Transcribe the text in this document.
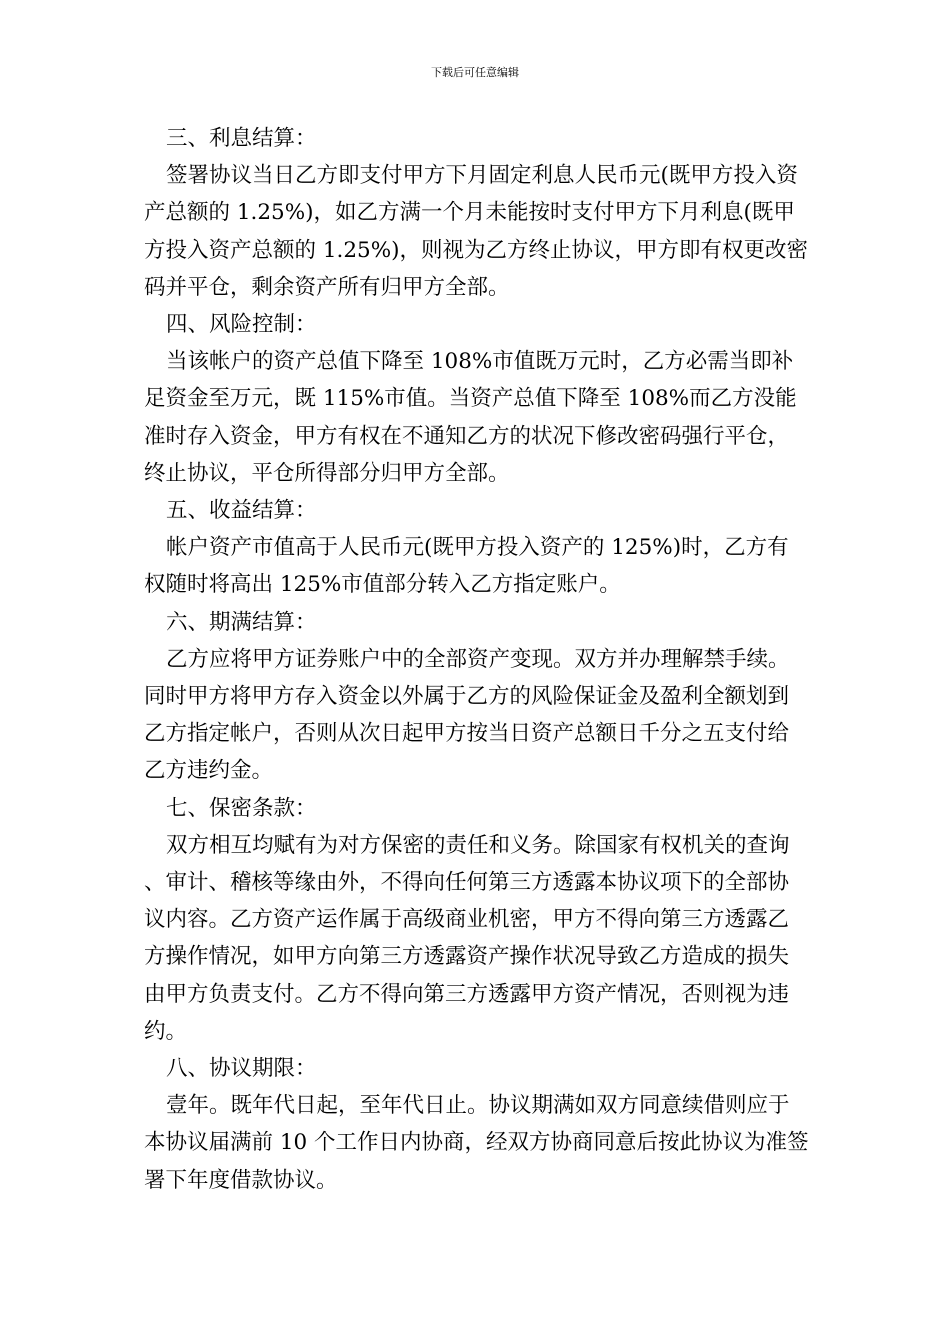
下载后可任意编辑

三、利息结算：

签署协议当日乙方即支付甲方下月固定利息人民币元(既甲方投入资产总额的 1.25%)，如乙方满一个月未能按时支付甲方下月利息(既甲方投入资产总额的 1.25%)，则视为乙方终止协议，甲方即有权更改密码并平仓，剩余资产所有归甲方全部。

四、风险控制：

当该帐户的资产总值下降至 108%市值既万元时，乙方必需当即补足资金至万元，既 115%市值。当资产总值下降至 108%而乙方没能准时存入资金，甲方有权在不通知乙方的状况下修改密码强行平仓，终止协议，平仓所得部分归甲方全部。

五、收益结算：

帐户资产市值高于人民币元(既甲方投入资产的 125%)时，乙方有权随时将高出 125%市值部分转入乙方指定账户。

六、期满结算：

乙方应将甲方证券账户中的全部资产变现。双方并办理解禁手续。同时甲方将甲方存入资金以外属于乙方的风险保证金及盈利全额划到乙方指定帐户，否则从次日起甲方按当日资产总额日千分之五支付给乙方违约金。

七、保密条款：

双方相互均赋有为对方保密的责任和义务。除国家有权机关的查询、审计、稽核等缘由外，不得向任何第三方透露本协议项下的全部协议内容。乙方资产运作属于高级商业机密，甲方不得向第三方透露乙方操作情况，如甲方向第三方透露资产操作状况导致乙方造成的损失由甲方负责支付。乙方不得向第三方透露甲方资产情况，否则视为违约。

八、协议期限：

壹年。既年代日起，至年代日止。协议期满如双方同意续借则应于本协议届满前 10 个工作日内协商，经双方协商同意后按此协议为准签署下年度借款协议。
